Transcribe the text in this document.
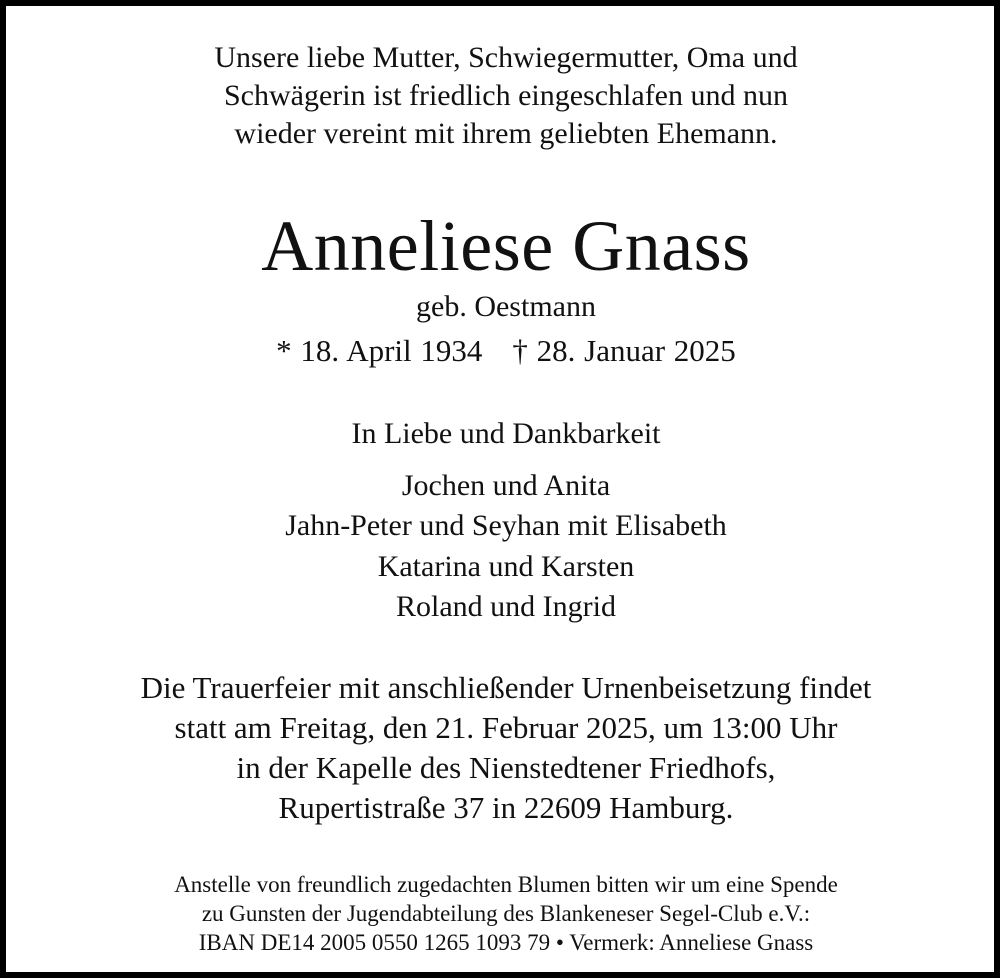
Unsere liebe Mutter, Schwiegermutter, Oma und
Schwägerin ist friedlich eingeschlafen und nun
wieder vereint mit ihrem geliebten Ehemann.
Anneliese Gnass
geb. Oestmann
* 18. April 1934 † 28. Januar 2025
In Liebe und Dankbarkeit
Jochen und Anita
Jahn-Peter und Seyhan mit Elisabeth
Katarina und Karsten
Roland und Ingrid
Die Trauerfeier mit anschließender Urnenbeisetzung findet
statt am Freitag, den 21. Februar 2025, um 13:00 Uhr
in der Kapelle des Nienstedtener Friedhofs,
Rupertistraße 37 in 22609 Hamburg.
Anstelle von freundlich zugedachten Blumen bitten wir um eine Spende
zu Gunsten der Jugendabteilung des Blankeneser Segel-Club e.V.:
IBAN DE14 2005 0550 1265 1093 79 • Vermerk: Anneliese Gnass
